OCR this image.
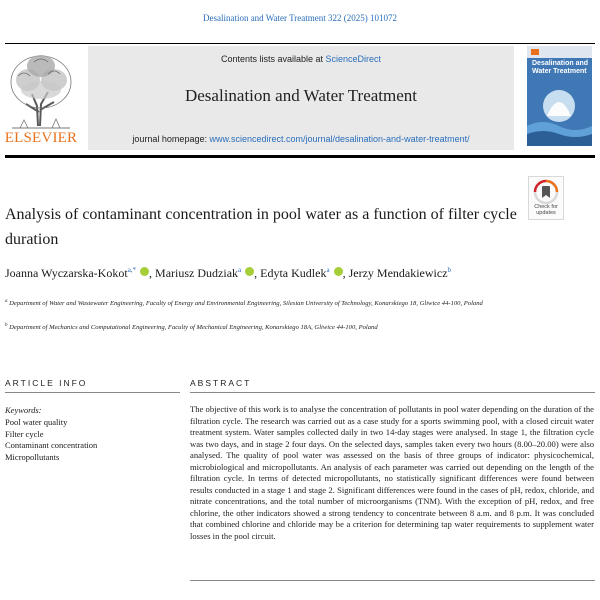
Desalination and Water Treatment 322 (2025) 101072
ELSEVIER
Contents lists available at ScienceDirect
Desalination and Water Treatment
journal homepage: www.sciencedirect.com/journal/desalination-and-water-treatment/
Desalination and Water Treatment
Check for
updates
Analysis of contaminant concentration in pool water as a function of filter cycle duration
Joanna Wyczarska-Kokot$^{a,*}$ , Mariusz Dudziak$^a$ , Edyta Kudlek$^a$ , Jerzy Mendakiewicz$^b$
$^a$ Department of Water and Wastewater Engineering, Faculty of Energy and Environmental Engineering, Silesian University of Technology, Konarskiego 18, Gliwice 44-100, Poland
$^b$ Department of Mechanics and Computational Engineering, Faculty of Mechanical Engineering, Konarskiego 18A, Gliwice 44-100, Poland
ARTICLE INFO	ABSTRACT
Keywords:
Pool water quality
Filter cycle
Contaminant concentration
Micropollutants

The objective of this work is to analyse the concentration of pollutants in pool water depending on the duration of the filtration cycle. The research was carried out as a case study for a sports swimming pool, with a closed circuit water treatment system. Water samples collected daily in two 14-day stages were analysed. In stage 1, the filtration cycle was two days, and in stage 2 four days. On the selected days, samples taken every two hours (8.00–20.00) were also analysed. The quality of pool water was assessed on the basis of three groups of indicator: physicochemical, microbiological and micropollutants. An analysis of each parameter was carried out depending on the length of the filtration cycle. In terms of detected micropollutants, no statistically significant differences were found between results conducted in a stage 1 and stage 2. Significant differences were found in the cases of pH, redox, chloride, and nitrate concentrations, and the total number of microorganisms (TNM). With the exception of pH, redox, and free chlorine, the other indicators showed a strong tendency to concentrate between 8 a.m. and 8 p.m. It was concluded that combined chlorine and chloride may be a criterion for determining tap water requirements to supplement water losses in the pool circuit.
